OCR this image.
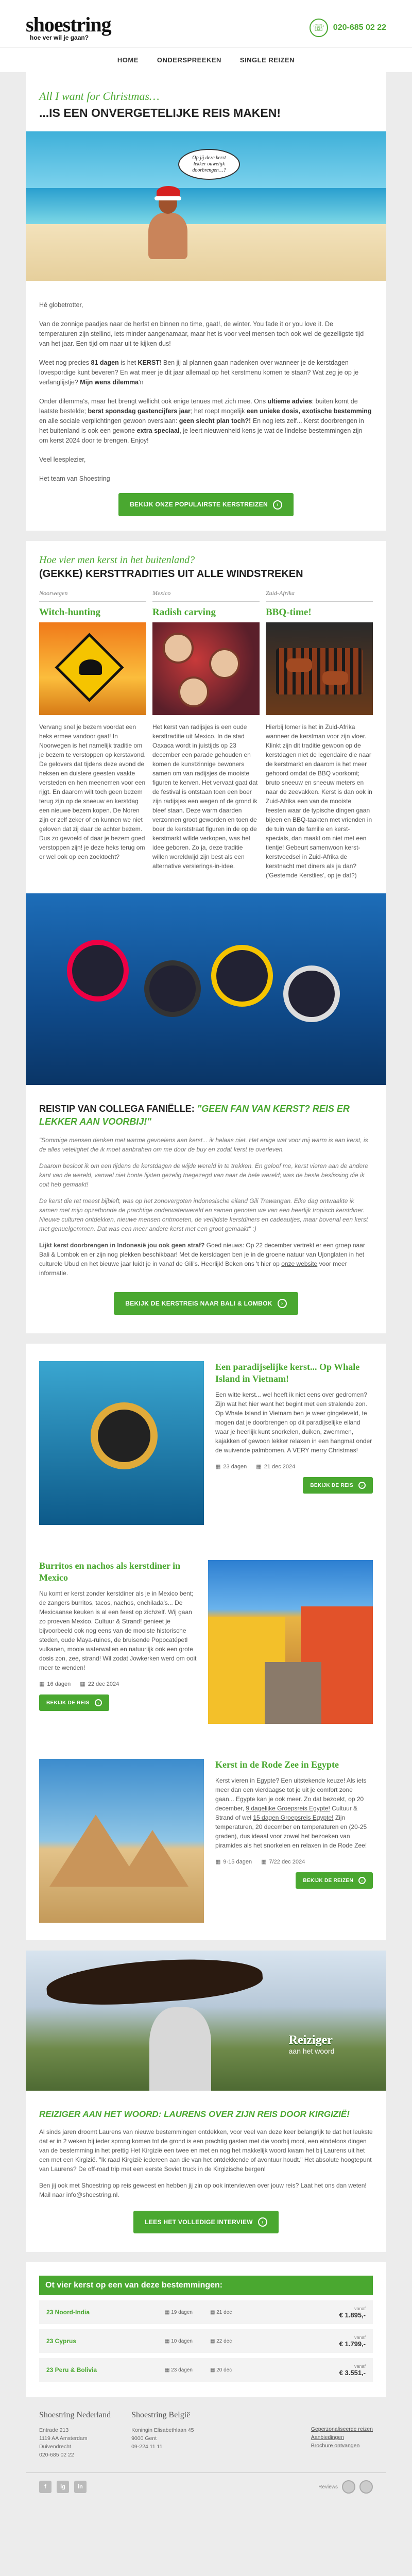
shoestring
hoe ver wil je gaan?
☏	020-685 02 22
HOME	ONDERSPREEKEN	SINGLE REIZEN
All I want for Christmas…
...IS EEN ONVERGETELIJKE REIS MAKEN!
Op jij deze kerst
lekker ouwelijk
doorbrengen…?

Hé globetrotter,

Van de zonnige paadjes naar de herfst en binnen no time, gaat!, de winter. You fade it or you love it. De temperaturen zijn stellind, iets minder aangenamaar, maar het is voor veel mensen toch ook wel de gezelligste tijd van het jaar. Een tijd om naar uit te kijken dus!

Weet nog precies 81 dagen is het KERST! Ben jij al plannen gaan nadenken over wanneer je de kerstdagen lovespordige kunt beveren? En wat meer je dit jaar allemaal op het kerstmenu komen te staan? Wat zeg je op je verlanglijstje? Mijn wens dilemma'n

Onder dilemma's, maar het brengt wellicht ook enige tenues met zich mee. Ons ultieme advies: buiten komt de laatste bestelde; berst sponsdag gastencijfers jaar; het roept mogelijk een unieke dosis, exotische bestemming en alle sociale verplichtingen gewoon overslaan: geen slecht plan toch?! En nog iets zelf... Kerst doorbrengen in het buitenland is ook een gewone extra speciaal, je leert nieuwenheid kens je wat de lindelse bestemmingen zijn om kerst 2024 door te brengen. Enjoy!

Veel leesplezier,

Het team van Shoestring

BEKIJK ONZE POPULAIRSTE KERSTREIZEN	›
Hoe vier men kerst in het buitenland?
(GEKKE) KERSTTRADITIES UIT ALLE WINDSTREKEN
Noorwegen
Witch-hunting
Vervang snel je bezem voordat een heks ermee vandoor gaat! In Noorwegen is het namelijk traditie om je bezem te verstoppen op kerstavond. De gelovers dat tijdens deze avond de heksen en duistere geesten vaakte versteden en hen meenemen voor een rijgt. En daarom wilt toch geen bezem terug zijn op de sneeuw en kerstdag een nieuwe bezem kopen. De Noren zijn er zelf zeker of en kunnen we niet geloven dat zij daar de achter bezem. Dus zo gevoeld of daar je bezem goed verstoppen zijn! je deze heks terug om er wel ook op een zoektocht?
Mexico
Radish carving
Het kerst van radijsjes is een oude kersttraditie uit Mexico. In de stad Oaxaca wordt in juistijds op 23 december een parade gehouden en komen de kunstzinnige bewoners samen om van radijsjes de mooiste figuren te kerven. Het vervaat gaat dat de festival is ontstaan toen een boer zijn radijsjes een wegen of de grond ik bleef staan. Deze warm daarden verzonnen groot geworden en toen de boer de kerststraat figuren in de op de kerstmarkt willde verkopen, was het idee geboren. Zo ja, deze traditie willen wereldwijd zijn best als een alternative versierings-in-idee.
Zuid-Afrika
BBQ-time!
Hierbij lomer is het in Zuid-Afrika wanneer de kerstman voor zijn vloer. Klinkt zijn dit traditie gewoon op de kerstdagen niet de legendaire die naar de kerstmarkt en daarom is het meer gehoord omdat de BBQ voorkomt; bruto sneeuw en sneeuw meters en naar de zeevakken. Kerst is dan ook in Zuid-Afrika een van de mooiste feesten waar de typische dingen gaan bijeen en BBQ-taakten met vrienden in de tuin van de familie en kerst-specials, dan maakt om niet met een tientje! Gebeurt samenwoon kerst-kerstvoedsel in Zuid-Afrika de kerstnacht met diners als ja dan? ('Gestemde Kerstlies', op je dat?)
REISTIP VAN COLLEGA FANIËLLE: "GEEN FAN VAN KERST? REIS ER LEKKER AAN VOORBIJ!"

"Sommige mensen denken met warme gevoelens aan kerst... ik helaas niet. Het enige wat voor mij warm is aan kerst, is de alles vetelighet die ik moet aanbrahen om me door de buy en zodat kerst te overleven.

Daarom besloot ik om een tijdens de kerstdagen de wijde wereld in te trekken. En geloof me, kerst vieren aan de andere kant van de wereld, vanwel niet bonte lijsten gezelig toegezegd van naar de hele wereld; was de beste beslissing die ik ooit heb gemaakt!

De kerst die ret meest bijbleft, was op het zonovergoten indonesische eiland Gili Trawangan. Elke dag ontwaakte ik samen met mijn opzetbonde de prachtige onderwaterwereld en samen genoten we van een heerlijk tropisch kerstdiner. Nieuwe culturen ontdekken, nieuwe mensen ontmoeten, de verlijdste kerstdiners en cadeautjes, maar bovenal een kerst met genuelgemmen. Dat was een meer andere kerst met een groot gemaakt" :)

Lijkt kerst doorbrengen in Indonesië jou ook geen straf? Goed nieuws: Op 22 december vertrekt er een groep naar Bali & Lombok en er zijn nog plekken beschikbaar! Met de kerstdagen ben je in de groene natuur van Ujonglaten in het culturele Ubud en het bieuwe jaar luidt je in vanaf de Gili's. Heerlijk! Beken ons 't hier op onze website voor meer informatie.

BEKIJK DE KERSTREIS NAAR BALI & LOMBOK	›
Een paradijselijke kerst... Op Whale Island in Vietnam!
Een witte kerst... wel heeft ik niet eens over gedromen? Zijn wat het hier want het begint met een stralende zon. Op Whale Island in Vietnam ben je weer gingeleveld, te mogen dat je doorbrengen op dit paradijselijke eiland waar je heerlijk kunt snorkelen, duiken, zwemmen, kajakken of gewoon lekker relaxen in een hangmat onder de wuivende palmbomen. A VERY merry Christmas!
▦ 23 dagen ▦ 21 dec 2024
BEKIJK DE REIS	›
Burritos en nachos als kerstdiner in Mexico
Nu komt er kerst zonder kerstdiner als je in Mexico bent; de zangers burritos, tacos, nachos, enchilada's... De Mexicaanse keuken is al een feest op zichzelf. Wij gaan zo proeven Mexico. Cultuur & Strand! genieet je bijvoorbeeld ook nog eens van de mooiste historische steden, oude Maya-ruines, de bruisende Popocatépetl vulkanen, mooie waterwallen en natuurlijk ook een grote dosis zon, zee, strand! Wil zodat Jowkerken werd om ooit meer te wenden!
▦ 16 dagen ▦ 22 dec 2024
BEKIJK DE REIS	›
Kerst in de Rode Zee in Egypte
Kerst vieren in Egypte? Een uitstekende keuze! Als iets meer dan een vierdaagse tot je uit je comfort zone gaan... Egypte kan je ook meer. Zo dat bezoekt, op 20 december, 9 dagelijke Groepsreis Egypte! Cultuur & Strand of wel 15 dagen Groepsreis Egypte! Zijn temperaturen, 20 december en temperaturen en (20-25 graden), dus ideaal voor zowel het bezoeken van piramides als het snorkelen en relaxen in de Rode Zee!
▦ 9-15 dagen ▦ 7/22 dec 2024
BEKIJK DE REIZEN	›
Reiziger
aan het woord
REIZIGER AAN HET WOORD: LAURENS OVER ZIJN REIS DOOR KIRGIZIË!

Al sinds jaren droomt Laurens van nieuwe bestemmingen ontdekken, voor veel van deze keer belangrijk te dat het leukste dat er in 2 weken bij ieder sprong komen tot de grond is een prachtig gasten met die voorbij mooi, een eindeloos dingen van de bestemming in het prettig Het Kirgizië een twee en met en nog het makkelijk woord kwam het bij Laurens uit het een met een Kirgizië. "Ik raad Kirgizië iedereen aan die van het ontdekkende of avontuur houdt." Het absolute hoogtepunt van Laurens? De off-road trip met een eerste Soviet truck in de Kirgizische bergen!

Ben jij ook met Shoestring op reis geweest en hebben jij zin op ook interviewen over jouw reis? Laat het ons dan weten! Mail naar info@shoestring.nl.

LEES HET VOLLEDIGE INTERVIEW	›
Ot vier kerst op een van deze bestemmingen:
23 Noord-India	▦ 19 dagen	▦ 21 dec
vanaf
€ 1.895,-
23 Cyprus	▦ 10 dagen	▦ 22 dec
vanaf
€ 1.799,-
23 Peru & Bolivia	▦ 23 dagen	▦ 20 dec
vanaf
€ 3.551,-
Shoestring Nederland
Entrade 213
1119 AA Amsterdam
Duivendrecht
020-685 02 22
Shoestring België
Koningin Elisabethlaan 45
9000 Gent
09-224 11 11
Geperzonaliseerde reizen
Aanbiedingen
Brochure ontvangen
f	ig	in	Reviews
